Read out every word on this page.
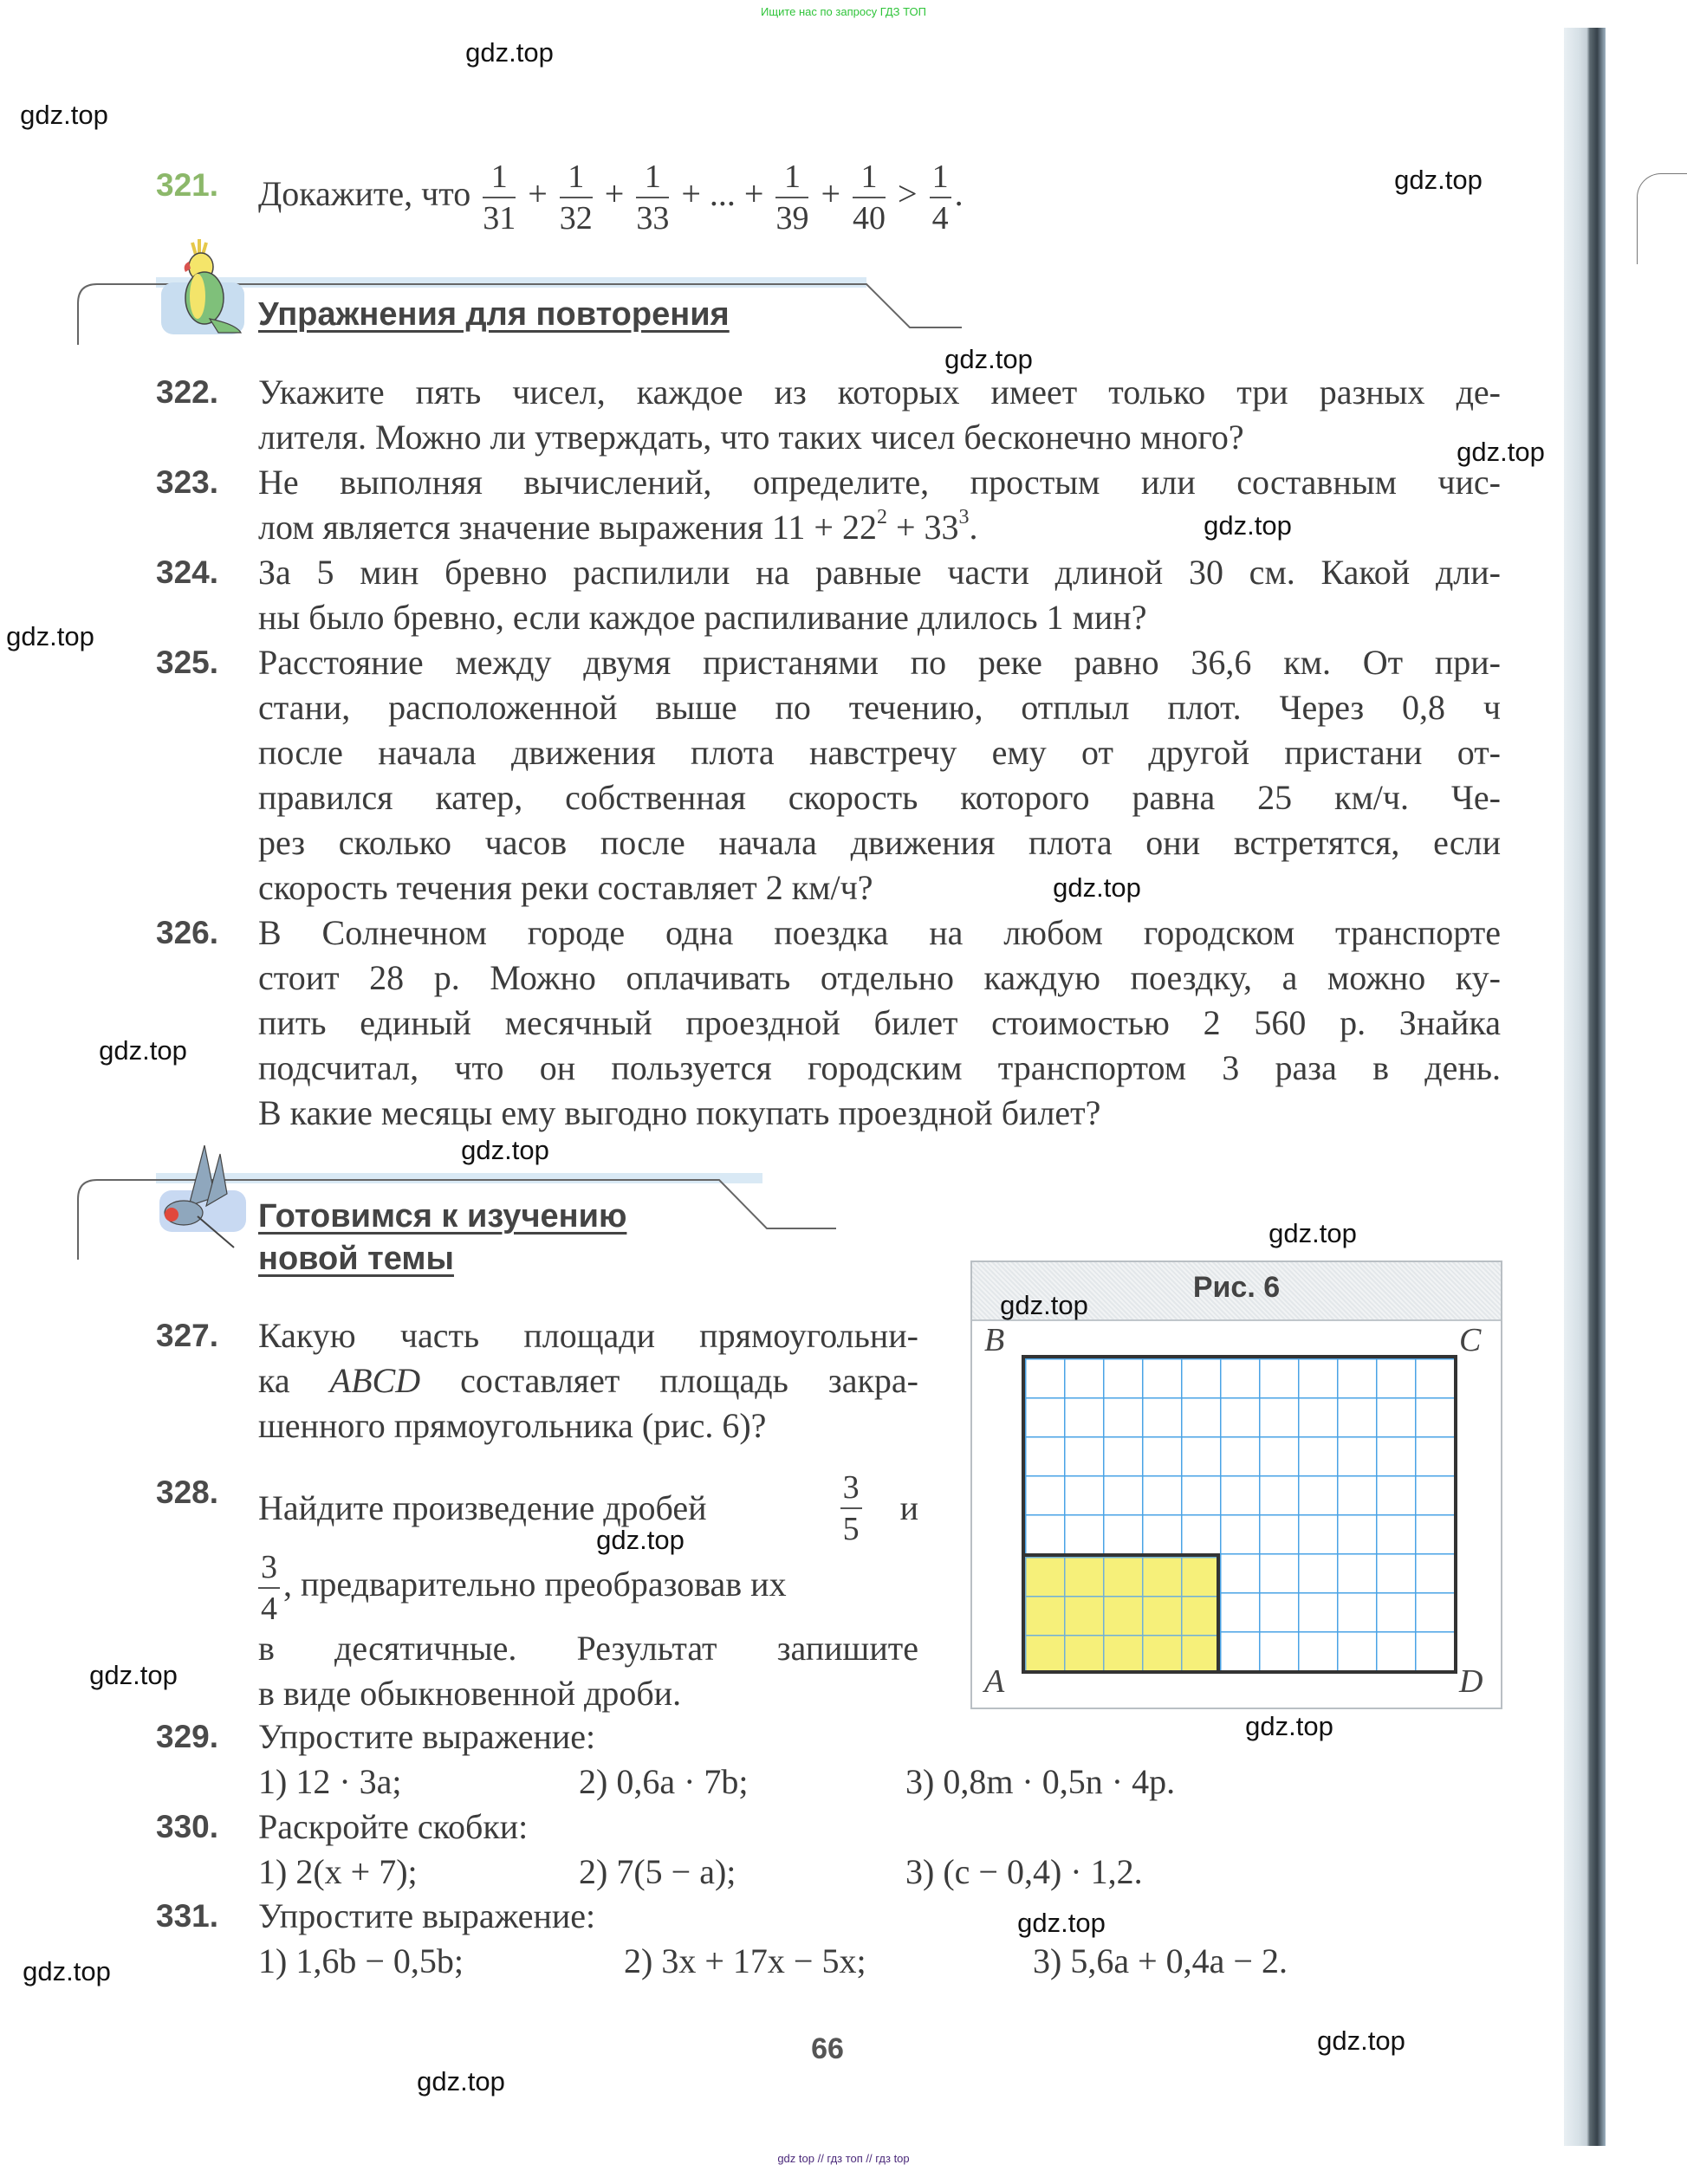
Ищите нас по запросу ГДЗ ТОП
gdz top // гдз топ // гдз top
321. Докажите, что $\frac{1}{31} + \frac{1}{32} + \frac{1}{33}$ + ... + $\frac{1}{39} + \frac{1}{40} > \frac{1}{4}$ .
Упражнения для повторения
322. Укажите пять чисел, каждое из которых имеет только три разных де-
лителя. Можно ли утверждать, что таких чисел бесконечно много?
323. Не выполняя вычислений, определите, простым или составным чис-
лом является значение выражения $11 + 22^2 + 33^3$.
324. За 5 мин бревно распилили на равные части длиной 30 см. Какой дли-
ны было бревно, если каждое распиливание длилось 1 мин?
325. Расстояние между двумя пристанями по реке равно 36,6 км. От при-
стани, расположенной выше по течению, отплыл плот. Через 0,8 ч
после начала движения плота навстречу ему от другой пристани от-
правился катер, собственная скорость которого равна 25 км/ч. Че-
рез сколько часов после начала движения плота они встретятся, если
скорость течения реки составляет 2 км/ч?
326. В Солнечном городе одна поездка на любом городском транспорте
стоит 28 р. Можно оплачивать отдельно каждую поездку, а можно ку-
пить единый месячный проездной билет стоимостью 2 560 р. Знайка
подсчитал, что он пользуется городским транспортом 3 раза в день.
В какие месяцы ему выгодно покупать проездной билет?
Готовимся к изучению
новой темы
327. Какую часть площади прямоугольни-
ка ABCD составляет площадь закра-
шенного прямоугольника (рис. 6)?
328. Найдите произведение дробей	$\frac{3}{5}$ и
$\frac{3}{4}$ , предварительно преобразовав их
в десятичные. Результат запишите
в виде обыкновенной дроби.
Рис. 6
B	C
A	D
329. Упростите выражение:
1) 12 · 3a;	2) 0,6a · 7b;	3) 0,8m · 0,5n · 4p.
330. Раскройте скобки:
1) 2(x + 7);	2) 7(5 − a);	3) (c − 0,4) · 1,2.
331. Упростите выражение:
1) 1,6b − 0,5b;	2) 3x + 17x − 5x;	3) 5,6a + 0,4a − 2.
66
gdz.top
gdz.top
gdz.top
gdz.top
gdz.top
gdz.top
gdz.top
gdz.top
gdz.top
gdz.top
gdz.top
gdz.top
gdz.top
gdz.top
gdz.top
gdz.top
gdz.top
gdz.top
gdz.top
